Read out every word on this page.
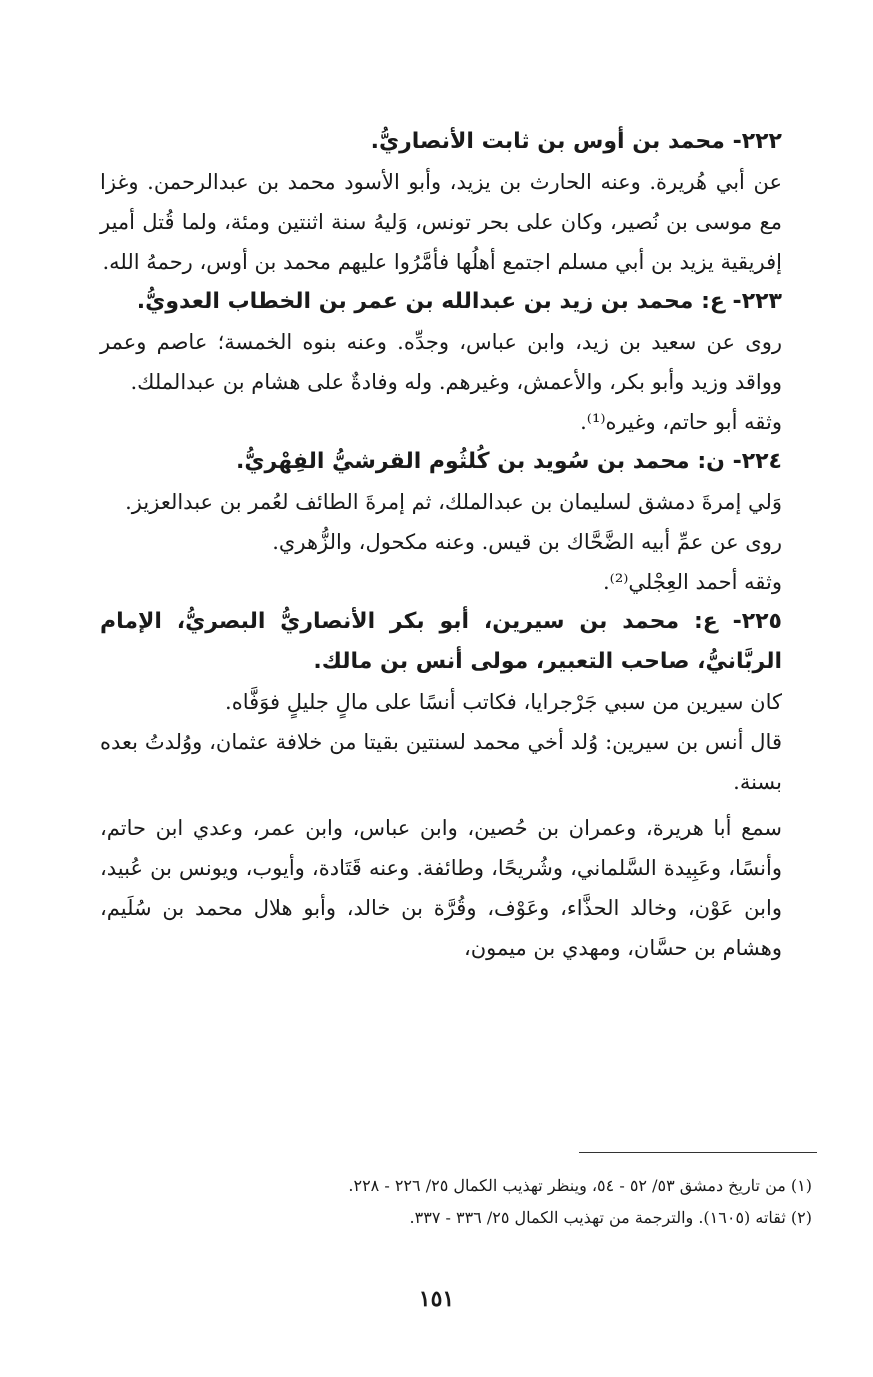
٢٢٢- محمد بن أوس بن ثابت الأنصاريُّ.

عن أبي هُريرة. وعنه الحارث بن يزيد، وأبو الأسود محمد بن عبدالرحمن. وغزا مع موسى بن نُصير، وكان على بحر تونس، وَليهُ سنة اثنتين ومئة، ولما قُتل أمير إفريقية يزيد بن أبي مسلم اجتمع أهلُها فأمَّرُوا عليهم محمد بن أوس، رحمهُ الله.

٢٢٣- ع: محمد بن زيد بن عبدالله بن عمر بن الخطاب العدويُّ.

روى عن سعيد بن زيد، وابن عباس، وجدِّه. وعنه بنوه الخمسة؛ عاصم وعمر وواقد وزيد وأبو بكر، والأعمش، وغيرهم. وله وفادةٌ على هشام بن عبدالملك.

وثقه أبو حاتم، وغيره⁽¹⁾.

٢٢٤- ن: محمد بن سُويد بن كُلثُوم القرشيُّ الفِهْريُّ.

وَلي إمرةَ دمشق لسليمان بن عبدالملك، ثم إمرةَ الطائف لعُمر بن عبدالعزيز.

روى عن عمِّ أبيه الضَّحَّاك بن قيس. وعنه مكحول، والزُّهري.

وثقه أحمد العِجْلي⁽²⁾.

٢٢٥- ع: محمد بن سيرين، أبو بكر الأنصاريُّ البصريُّ، الإمام الربَّانيُّ، صاحب التعبير، مولى أنس بن مالك.

كان سيرين من سبي جَرْجرايا، فكاتب أنسًا على مالٍ جليلٍ فوَفَّاه.

قال أنس بن سيرين: وُلد أخي محمد لسنتين بقيتا من خلافة عثمان، ووُلدتُ بعده بسنة.

سمع أبا هريرة، وعمران بن حُصين، وابن عباس، وابن عمر، وعدي ابن حاتم، وأنسًا، وعَبِيدة السَّلماني، وشُريحًا، وطائفة. وعنه قَتَادة، وأيوب، ويونس بن عُبيد، وابن عَوْن، وخالد الحذَّاء، وعَوْف، وقُرَّة بن خالد، وأبو هلال محمد بن سُلَيم، وهشام بن حسَّان، ومهدي بن ميمون،

(١) من تاريخ دمشق ٥٣/ ٥٢ - ٥٤، وينظر تهذيب الكمال ٢٥/ ٢٢٦ - ٢٢٨.

(٢) ثقاته (١٦٠٥). والترجمة من تهذيب الكمال ٢٥/ ٣٣٦ - ٣٣٧.

١٥١
